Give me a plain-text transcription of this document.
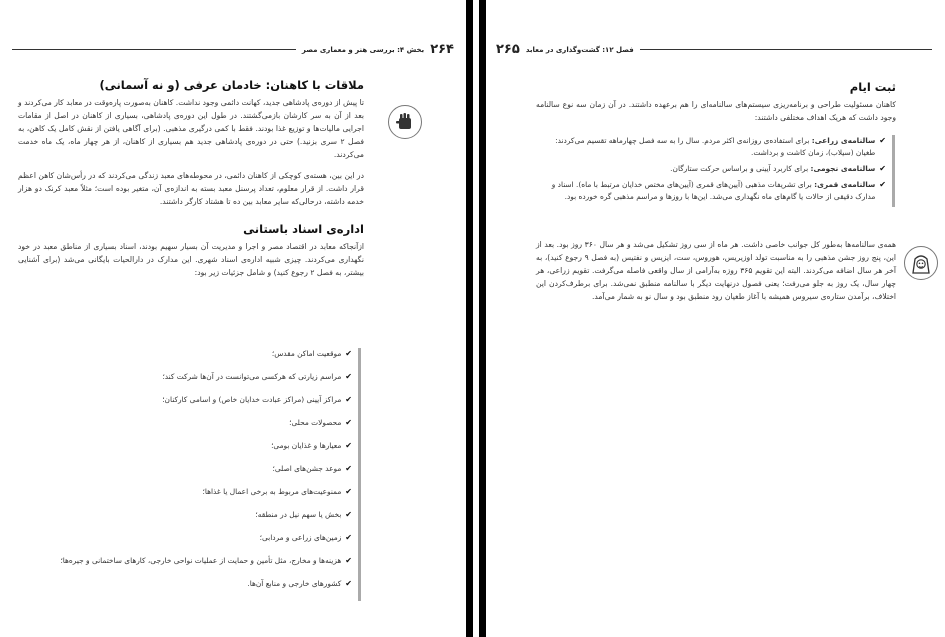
۲۶۴
بخش ۴: بررسی هنر و معماری مصر
ملاقات با کاهنان: خادمان عرفی (و نه آسمانی)

تا پیش از دوره‌ی پادشاهی جدید، کهانت دائمی وجود نداشت. کاهنان به‌صورت پاره‌وقت در معابد کار می‌کردند و بعد از آن به سر کارشان بازمی‌گشتند. در طول این دوره‌ی پادشاهی، بسیاری از کاهنان در اصل از مقامات اجرایی مالیات‌ها و توزیع غذا بودند. فقط با کمی درگیری مذهبی. (برای آگاهی یافتن از نقش کامل یک کاهن، به فصل ۲ سری بزنید.) حتی در دوره‌ی پادشاهی جدید هم بسیاری از کاهنان، از هر چهار ماه، یک ماه خدمت می‌کردند.

در این بین، هسته‌ی کوچکی از کاهنان دائمی، در محوطه‌های معبد زندگی می‌کردند که در رأس‌شان کاهن اعظم قرار داشت. از قرار معلوم، تعداد پرسنل معبد بسته به اندازه‌ی آن، متغیر بوده است؛ مثلاً معبد کرنک دو هزار خدمه داشته، درحالی‌که سایر معابد بین ده تا هشتاد کارگر داشتند.

اداره‌ی اسناد باستانی

ازآنجاکه معابد در اقتصاد مصر و اجرا و مدیریت آن بسیار سهیم بودند، اسناد بسیاری از مناطق معبد در خود نگهداری می‌کردند. چیزی شبیه اداره‌ی اسناد شهری. این مدارک در دارالحیات بایگانی می‌شد (برای آشنایی بیشتر، به فصل ۲ رجوع کنید) و شامل جزئیات زیر بود:

✔
موقعیت اماکن مقدس؛
✔
مراسم زیارتی که هرکسی می‌توانست در آن‌ها شرکت کند؛
✔
مراکز آیینی (مراکز عبادت خدایان خاص) و اسامی کارکنان؛
✔
محصولات محلی؛
✔
معیارها و غذایان بومی؛
✔
موعد جشن‌های اصلی؛
✔
ممنوعیت‌های مربوط به برخی اعمال یا غذاها؛
✔
بخش یا سهم نیل در منطقه؛
✔
زمین‌های زراعی و مردابی؛
✔
هزینه‌ها و مخارج، مثل تأمین و حمایت از عملیات نواحی خارجی، کارهای ساختمانی و جیره‌ها؛
✔
کشورهای خارجی و منابع آن‌ها.
۲۶۵ فصل ۱۲: گشت‌وگذاری در معابد
ثبت ایام

کاهنان مسئولیت طراحی و برنامه‌ریزی سیستم‌های سالنامه‌ای را هم برعهده داشتند. در آن زمان سه نوع سالنامه وجود داشت که هریک اهداف مختلفی داشتند:

✔
سالنامه‌ی زراعی: برای استفاده‌ی روزانه‌ی اکثر مردم. سال را به سه فصل چهارماهه تقسیم می‌کردند: طغیان (سیلاب)، زمان کاشت و برداشت.
✔
سالنامه‌ی نجومی: برای کاربرد آیینی و براساس حرکت ستارگان.
✔
سالنامه‌ی قمری: برای تشریفات مذهبی (آیین‌های قمری (آیین‌های مختص خدایان مرتبط با ماه). اسناد و مدارک دقیقی از حالات یا گام‌های ماه نگهداری می‌شد. این‌ها با روزها و مراسم مذهبی گره خورده بود.

همه‌ی سالنامه‌ها به‌طور کل جوانب خاصی داشت. هر ماه از سی روز تشکیل می‌شد و هر سال ۳۶۰ روز بود. بعد از این، پنج روز جشن مذهبی را به مناسبت تولد اوزیریس، هوروس، ست، ایزیس و نفتیس (به فصل ۹ رجوع کنید)، به آخر هر سال اضافه می‌کردند. البته این تقویم ۳۶۵ روزه به‌آرامی از سال واقعی فاصله می‌گرفت. تقویم زراعی، هر چهار سال، یک روز به جلو می‌رفت؛ یعنی فصول درنهایت دیگر با سالنامه منطبق نمی‌شد. برای برطرف‌کردن این اختلاف، برآمدن ستاره‌ی سیروس همیشه با آغاز طغیان رود منطبق بود و سال نو به شمار می‌آمد.
